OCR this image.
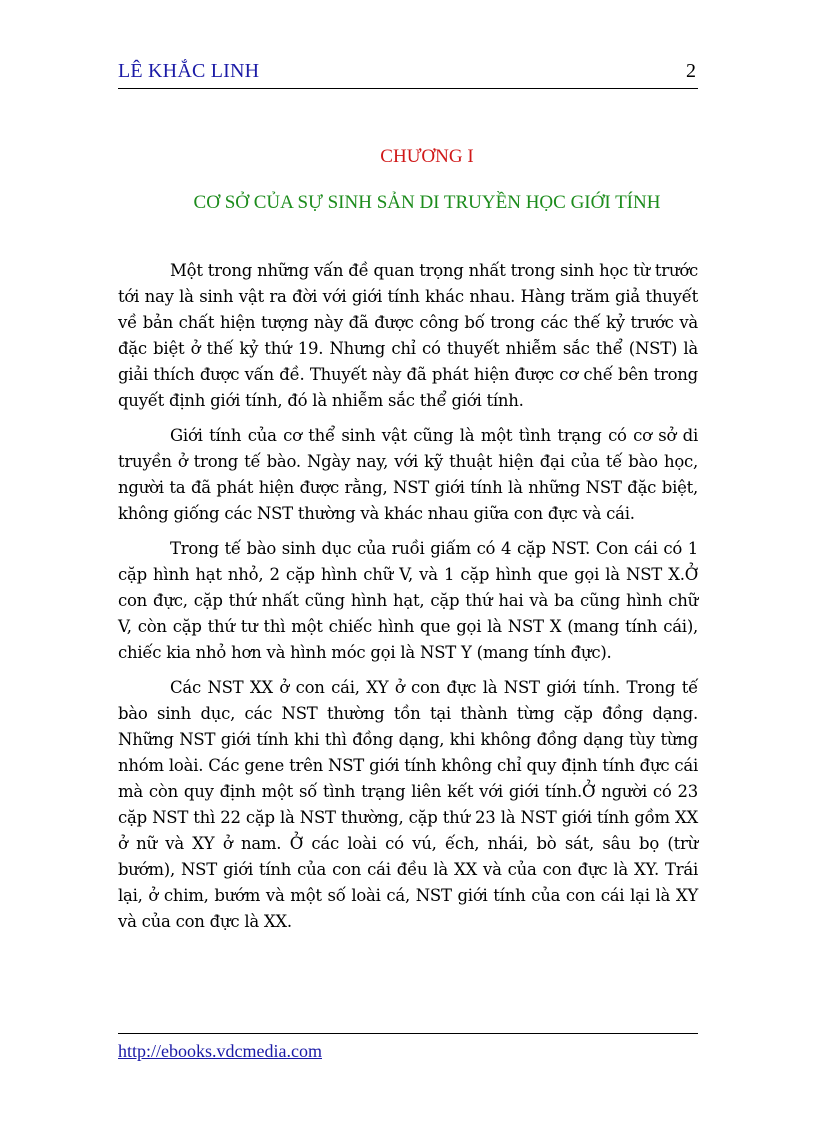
LÊ KHẮC LINH	2
CHƯƠNG I
CƠ SỞ CỦA SỰ SINH SẢN DI TRUYỀN HỌC GIỚI TÍNH

Một trong những vấn đề quan trọng nhất trong sinh học từ trước tới nay là sinh vật ra đời với giới tính khác nhau. Hàng trăm giả thuyết về bản chất hiện tượng này đã được công bố trong các thế kỷ trước và đặc biệt ở thế kỷ thứ 19. Nhưng chỉ có thuyết nhiễm sắc thể (NST) là giải thích được vấn đề. Thuyết này đã phát hiện được cơ chế bên trong quyết định giới tính, đó là nhiễm sắc thể giới tính.

Giới tính của cơ thể sinh vật cũng là một tình trạng có cơ sở di truyền ở trong tế bào. Ngày nay, với kỹ thuật hiện đại của tế bào học, người ta đã phát hiện được rằng, NST giới tính là những NST đặc biệt, không giống các NST thường và khác nhau giữa con đực và cái.

Trong tế bào sinh dục của ruồi giấm có 4 cặp NST. Con cái có 1 cặp hình hạt nhỏ, 2 cặp hình chữ V, và 1 cặp hình que gọi là NST X.Ở con đực, cặp thứ nhất cũng hình hạt, cặp thứ hai và ba cũng hình chữ V, còn cặp thứ tư thì một chiếc hình que gọi là NST X (mang tính cái), chiếc kia nhỏ hơn và hình móc gọi là NST Y (mang tính đực).

Các NST XX ở con cái, XY ở con đực là NST giới tính. Trong tế bào sinh dục, các NST thường tồn tại thành từng cặp đồng dạng. Những NST giới tính khi thì đồng dạng, khi không đồng dạng tùy từng nhóm loài. Các gene trên NST giới tính không chỉ quy định tính đực cái mà còn quy định một số tình trạng liên kết với giới tính.Ở người có 23 cặp NST thì 22 cặp là NST thường, cặp thứ 23 là NST giới tính gồm XX ở nữ và XY ở nam. Ở các loài có vú, ếch, nhái, bò sát, sâu bọ (trừ bướm), NST giới tính của con cái đều là XX và của con đực là XY. Trái lại, ở chim, bướm và một số loài cá, NST giới tính của con cái lại là XY và của con đực là XX.

http://ebooks.vdcmedia.com
